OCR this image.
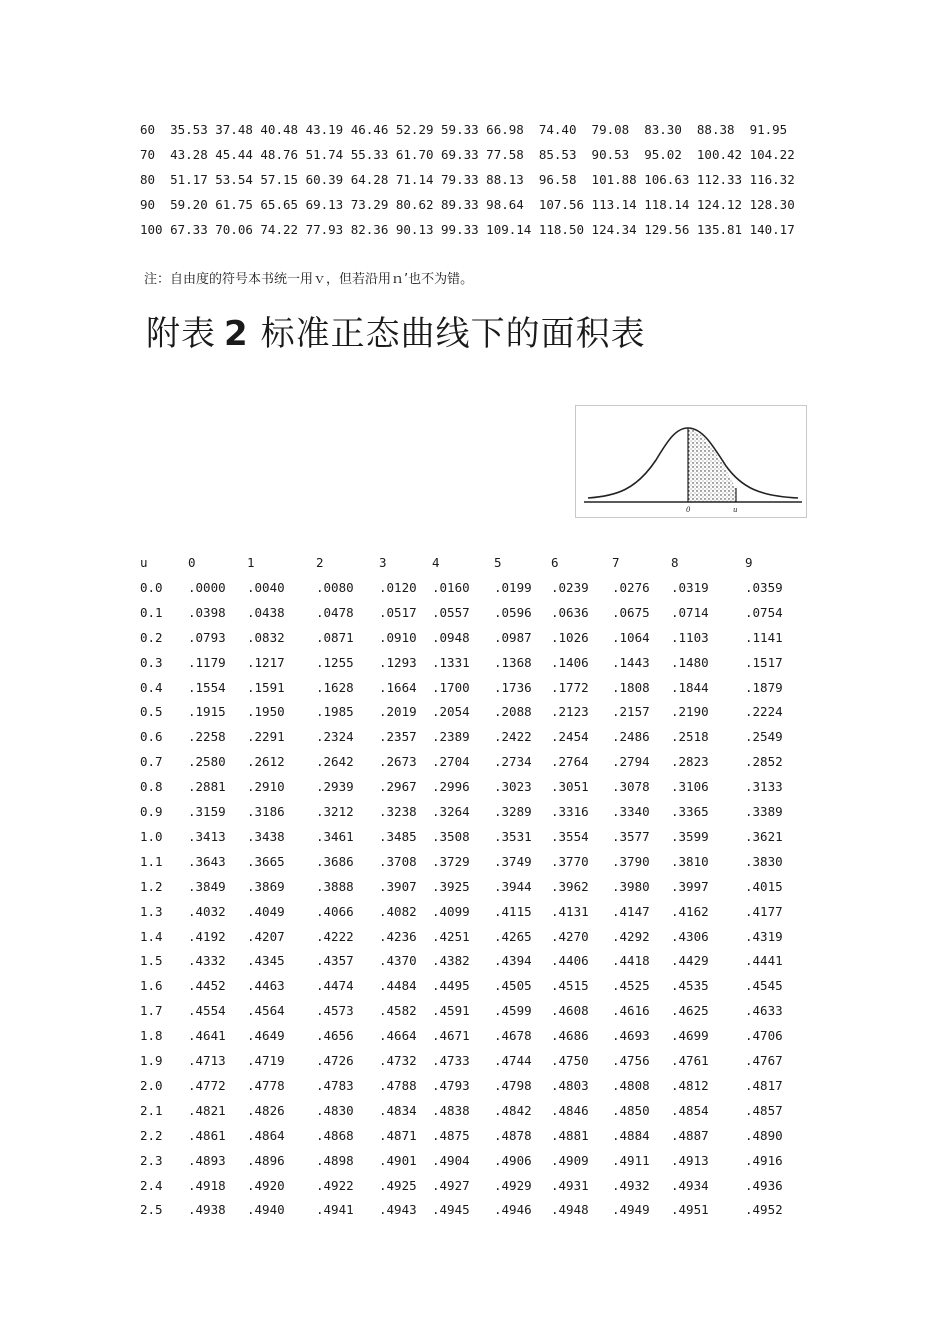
60  35.53 37.48 40.48 43.19 46.46 52.29 59.33 66.98  74.40  79.08  83.30  88.38  91.95
70  43.28 45.44 48.76 51.74 55.33 61.70 69.33 77.58  85.53  90.53  95.02  100.42 104.22
80  51.17 53.54 57.15 60.39 64.28 71.14 79.33 88.13  96.58  101.88 106.63 112.33 116.32
90  59.20 61.75 65.65 69.13 73.29 80.62 89.33 98.64  107.56 113.14 118.14 124.12 128.30
100 67.33 70.06 74.22 77.93 82.36 90.13 99.33 109.14 118.50 124.34 129.56 135.81 140.17
注：自由度的符号本书统一用ｖ，但若沿用ｎ’也不为错。
附表 2 标准正态曲线下的面积表
0	u
u	0	1	2	3	4	5	6	7	8	9
0.0 .0000 .0040	.0080 .0120 .0160 .0199 .0239 .0276 .0319	.0359
0.1 .0398 .0438	.0478 .0517 .0557 .0596 .0636 .0675 .0714	.0754
0.2 .0793 .0832	.0871 .0910 .0948 .0987 .1026 .1064 .1103	.1141
0.3 .1179 .1217	.1255 .1293 .1331 .1368 .1406 .1443 .1480	.1517
0.4 .1554 .1591	.1628 .1664 .1700 .1736 .1772 .1808 .1844	.1879
0.5 .1915 .1950	.1985 .2019 .2054 .2088 .2123 .2157 .2190	.2224
0.6 .2258 .2291	.2324 .2357 .2389 .2422 .2454 .2486 .2518	.2549
0.7 .2580 .2612	.2642 .2673 .2704 .2734 .2764 .2794 .2823	.2852
0.8 .2881 .2910	.2939 .2967 .2996 .3023 .3051 .3078 .3106	.3133
0.9 .3159 .3186	.3212 .3238 .3264 .3289 .3316 .3340 .3365	.3389
1.0 .3413 .3438	.3461 .3485 .3508 .3531 .3554 .3577 .3599	.3621
1.1 .3643 .3665	.3686 .3708 .3729 .3749 .3770 .3790 .3810	.3830
1.2 .3849 .3869	.3888 .3907 .3925 .3944 .3962 .3980 .3997	.4015
1.3 .4032 .4049	.4066 .4082 .4099 .4115 .4131 .4147 .4162	.4177
1.4 .4192 .4207	.4222 .4236 .4251 .4265 .4270 .4292 .4306	.4319
1.5 .4332 .4345	.4357 .4370 .4382 .4394 .4406 .4418 .4429	.4441
1.6 .4452 .4463	.4474 .4484 .4495 .4505 .4515 .4525 .4535	.4545
1.7 .4554 .4564	.4573 .4582 .4591 .4599 .4608 .4616 .4625	.4633
1.8 .4641 .4649	.4656 .4664 .4671 .4678 .4686 .4693 .4699	.4706
1.9 .4713 .4719	.4726 .4732 .4733 .4744 .4750 .4756 .4761	.4767
2.0 .4772 .4778	.4783 .4788 .4793 .4798 .4803 .4808 .4812	.4817
2.1 .4821 .4826	.4830 .4834 .4838 .4842 .4846 .4850 .4854	.4857
2.2 .4861 .4864	.4868 .4871 .4875 .4878 .4881 .4884 .4887	.4890
2.3 .4893 .4896	.4898 .4901 .4904 .4906 .4909 .4911 .4913	.4916
2.4 .4918 .4920	.4922 .4925 .4927 .4929 .4931 .4932 .4934	.4936
2.5 .4938 .4940	.4941 .4943 .4945 .4946 .4948 .4949 .4951	.4952
